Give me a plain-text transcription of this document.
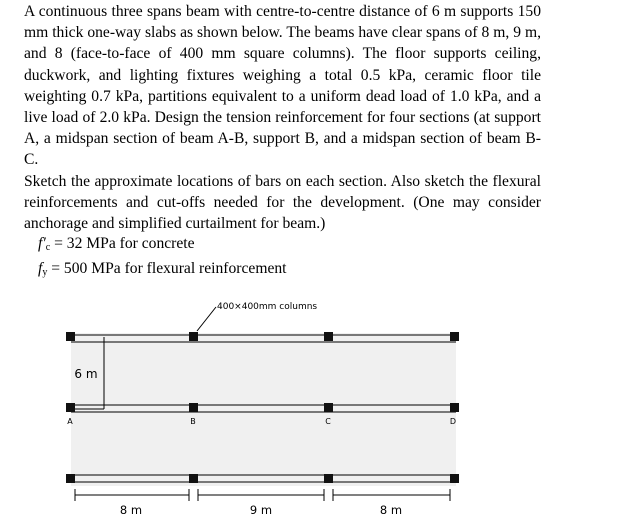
A continuous three spans beam with centre-to-centre distance of 6 m supports 150 mm thick one-way slabs as shown below. The beams have clear spans of 8 m, 9 m, and 8 (face-to-face of 400 mm square columns). The floor supports ceiling, duckwork, and lighting fixtures weighing a total 0.5 kPa, ceramic floor tile weighting 0.7 kPa, partitions equivalent to a uniform dead load of 1.0 kPa, and a live load of 2.0 kPa. Design the tension reinforcement for four sections (at support A, a midspan section of beam A-B, support B, and a midspan section of beam B-C.

Sketch the approximate locations of bars on each section. Also sketch the flexural reinforcements and cut-offs needed for the development. (One may consider anchorage and simplified curtailment for beam.)

$f'_c = 32$ MPa for concrete
$f_y = 500$ MPa for flexural reinforcement
6 m
400×400mm columns
A	B	C	D
8 m	9 m	8 m
